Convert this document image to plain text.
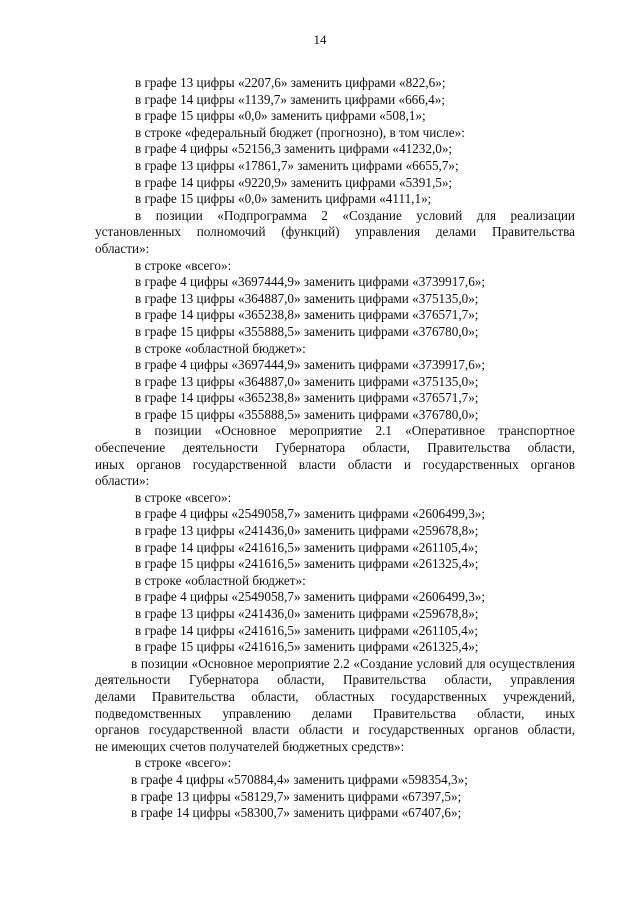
14
в графе 13 цифры «2207,6» заменить цифрами «822,6»;
в графе 14 цифры «1139,7» заменить цифрами «666,4»;
в графе 15 цифры «0,0» заменить цифрами «508,1»;
в строке «федеральный бюджет (прогнозно), в том числе»:
в графе 4 цифры «52156,3 заменить цифрами «41232,0»;
в графе 13 цифры «17861,7» заменить цифрами «6655,7»;
в графе 14 цифры «9220,9» заменить цифрами «5391,5»;
в графе 15 цифры «0,0» заменить цифрами «4111,1»;
в позиции «Подпрограмма 2 «Создание условий для реализации
установленных полномочий (функций) управления делами Правительства
области»:
в строке «всего»:
в графе 4 цифры «3697444,9» заменить цифрами «3739917,6»;
в графе 13 цифры «364887,0» заменить цифрами «375135,0»;
в графе 14 цифры «365238,8» заменить цифрами «376571,7»;
в графе 15 цифры «355888,5» заменить цифрами «376780,0»;
в строке «областной бюджет»:
в графе 4 цифры «3697444,9» заменить цифрами «3739917,6»;
в графе 13 цифры «364887,0» заменить цифрами «375135,0»;
в графе 14 цифры «365238,8» заменить цифрами «376571,7»;
в графе 15 цифры «355888,5» заменить цифрами «376780,0»;
в позиции «Основное мероприятие 2.1 «Оперативное транспортное
обеспечение деятельности Губернатора области, Правительства области,
иных органов государственной власти области и государственных органов
области»:
в строке «всего»:
в графе 4 цифры «2549058,7» заменить цифрами «2606499,3»;
в графе 13 цифры «241436,0» заменить цифрами «259678,8»;
в графе 14 цифры «241616,5» заменить цифрами «261105,4»;
в графе 15 цифры «241616,5» заменить цифрами «261325,4»;
в строке «областной бюджет»:
в графе 4 цифры «2549058,7» заменить цифрами «2606499,3»;
в графе 13 цифры «241436,0» заменить цифрами «259678,8»;
в графе 14 цифры «241616,5» заменить цифрами «261105,4»;
в графе 15 цифры «241616,5» заменить цифрами «261325,4»;
в позиции «Основное мероприятие 2.2 «Создание условий для осуществления
деятельности Губернатора области, Правительства области, управления
делами Правительства области, областных государственных учреждений,
подведомственных управлению делами Правительства области, иных
органов государственной власти области и государственных органов области,
не имеющих счетов получателей бюджетных средств»:
в строке «всего»:
в графе 4 цифры «570884,4» заменить цифрами «598354,3»;
в графе 13 цифры «58129,7» заменить цифрами «67397,5»;
в графе 14 цифры «58300,7» заменить цифрами «67407,6»;
